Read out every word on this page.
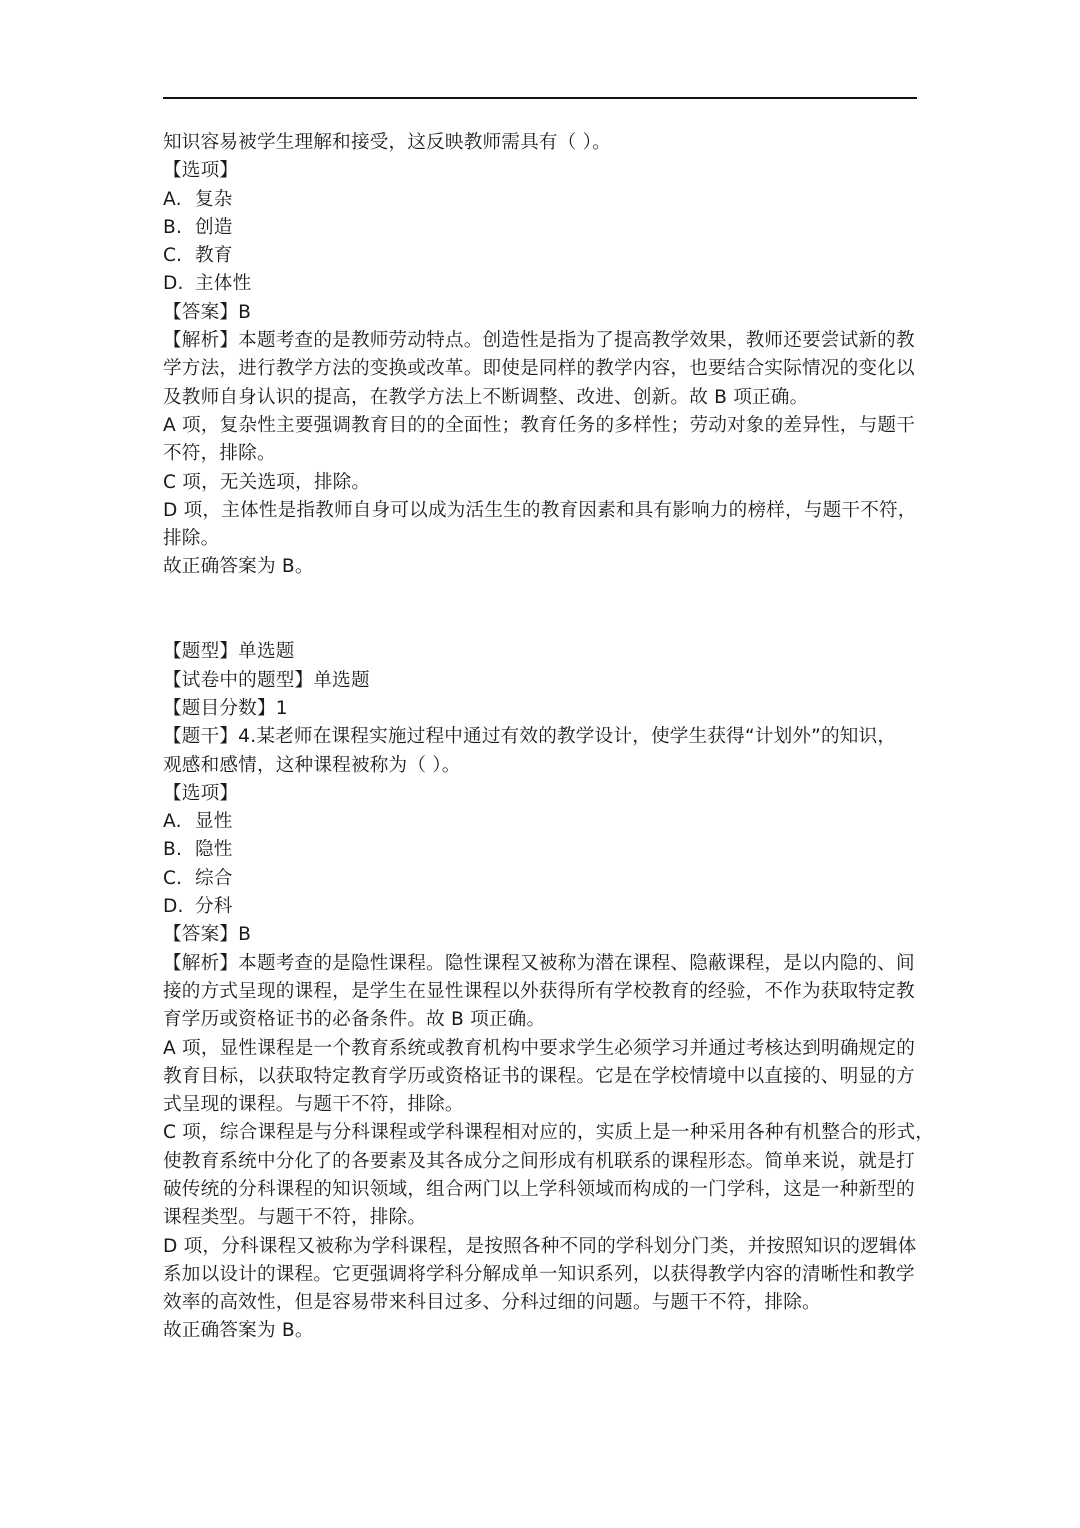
知识容易被学生理解和接受，这反映教师需具有（ ）。
【选项】
A. 复杂
B. 创造
C. 教育
D. 主体性
【答案】B
【解析】本题考查的是教师劳动特点。创造性是指为了提高教学效果，教师还要尝试新的教
学方法，进行教学方法的变换或改革。即使是同样的教学内容，也要结合实际情况的变化以
及教师自身认识的提高，在教学方法上不断调整、改进、创新。故 B 项正确。
A 项，复杂性主要强调教育目的的全面性；教育任务的多样性；劳动对象的差异性，与题干
不符，排除。
C 项，无关选项，排除。
D 项，主体性是指教师自身可以成为活生生的教育因素和具有影响力的榜样，与题干不符，
排除。
故正确答案为 B。
【题型】单选题
【试卷中的题型】单选题
【题目分数】1
【题干】4.某老师在课程实施过程中通过有效的教学设计，使学生获得“计划外”的知识，
观感和感情，这种课程被称为（ ）。
【选项】
A. 显性
B. 隐性
C. 综合
D. 分科
【答案】B
【解析】本题考查的是隐性课程。隐性课程又被称为潜在课程、隐蔽课程，是以内隐的、间
接的方式呈现的课程，是学生在显性课程以外获得所有学校教育的经验，不作为获取特定教
育学历或资格证书的必备条件。故 B 项正确。
A 项，显性课程是一个教育系统或教育机构中要求学生必须学习并通过考核达到明确规定的
教育目标，以获取特定教育学历或资格证书的课程。它是在学校情境中以直接的、明显的方
式呈现的课程。与题干不符，排除。
C 项，综合课程是与分科课程或学科课程相对应的，实质上是一种采用各种有机整合的形式，
使教育系统中分化了的各要素及其各成分之间形成有机联系的课程形态。简单来说，就是打
破传统的分科课程的知识领域，组合两门以上学科领域而构成的一门学科，这是一种新型的
课程类型。与题干不符，排除。
D 项，分科课程又被称为学科课程，是按照各种不同的学科划分门类，并按照知识的逻辑体
系加以设计的课程。它更强调将学科分解成单一知识系列，以获得教学内容的清晰性和教学
效率的高效性，但是容易带来科目过多、分科过细的问题。与题干不符，排除。
故正确答案为 B。
